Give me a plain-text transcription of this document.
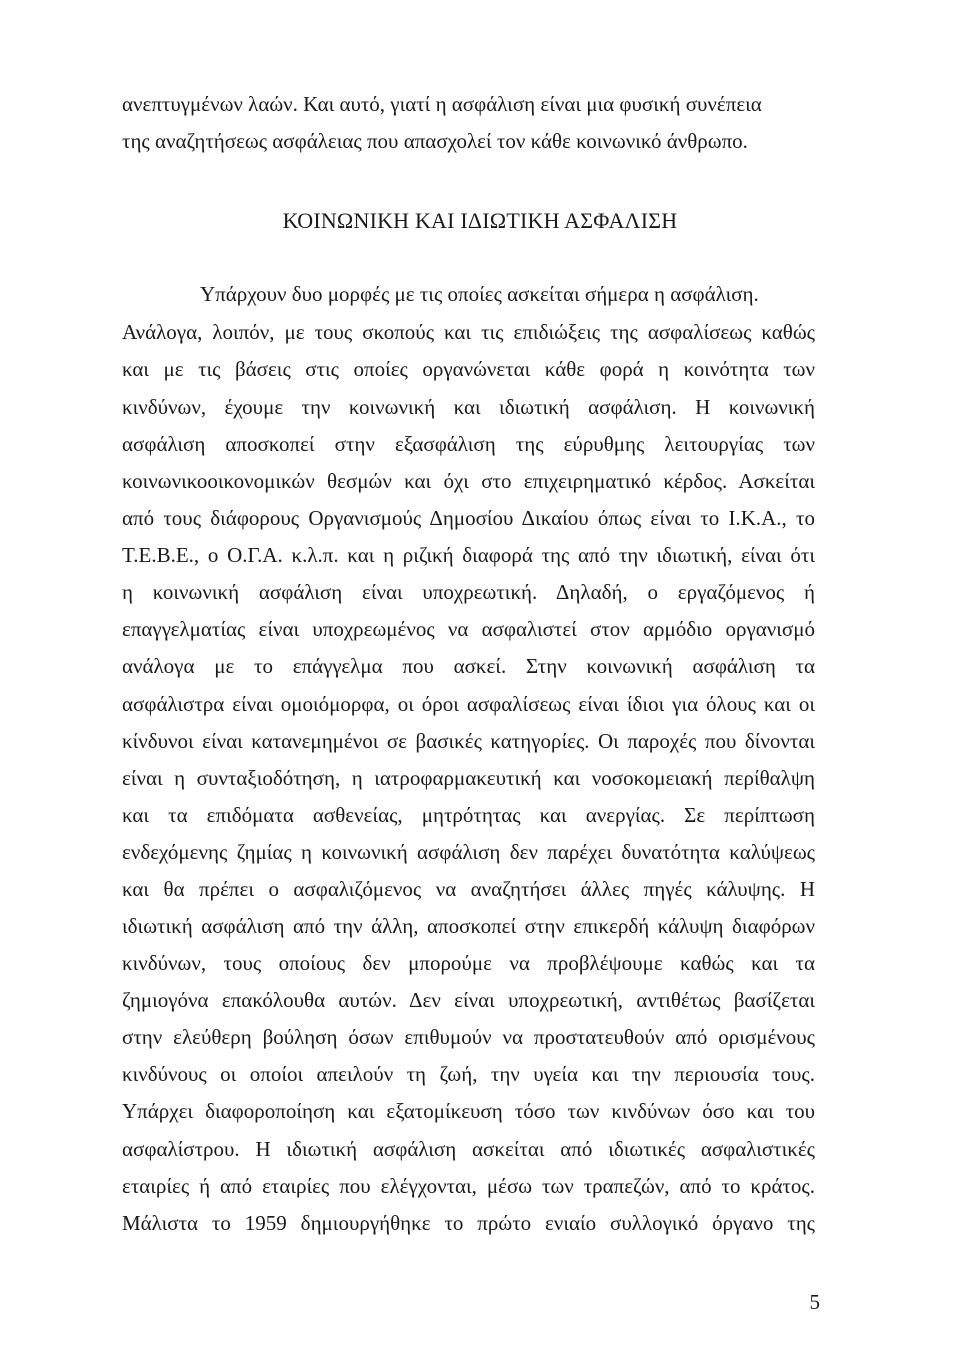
ανεπτυγμένων λαών. Και αυτό, γιατί η ασφάλιση είναι μια φυσική συνέπεια
της αναζητήσεως ασφάλειας που απασχολεί τον κάθε κοινωνικό άνθρωπο.
ΚΟΙΝΩΝΙΚΗ ΚΑΙ ΙΔΙΩΤΙΚΗ ΑΣΦΑΛΙΣΗ
Υπάρχουν δυο μορφές με τις οποίες ασκείται σήμερα η ασφάλιση.
Ανάλογα, λοιπόν, με τους σκοπούς και τις επιδιώξεις της ασφαλίσεως καθώς
και με τις βάσεις στις οποίες οργανώνεται κάθε φορά η κοινότητα των
κινδύνων, έχουμε την κοινωνική και ιδιωτική ασφάλιση. Η κοινωνική
ασφάλιση αποσκοπεί στην εξασφάλιση της εύρυθμης λειτουργίας των
κοινωνικοοικονομικών θεσμών και όχι στο επιχειρηματικό κέρδος. Ασκείται
από τους διάφορους Οργανισμούς Δημοσίου Δικαίου όπως είναι το Ι.Κ.Α., το
Τ.Ε.Β.Ε., ο Ο.Γ.Α. κ.λ.π. και η ριζική διαφορά της από την ιδιωτική, είναι ότι
η κοινωνική ασφάλιση είναι υποχρεωτική. Δηλαδή, ο εργαζόμενος ή
επαγγελματίας είναι υποχρεωμένος να ασφαλιστεί στον αρμόδιο οργανισμό
ανάλογα με το επάγγελμα που ασκεί. Στην κοινωνική ασφάλιση τα
ασφάλιστρα είναι ομοιόμορφα, οι όροι ασφαλίσεως είναι ίδιοι για όλους και οι
κίνδυνοι είναι κατανεμημένοι σε βασικές κατηγορίες. Οι παροχές που δίνονται
είναι η συνταξιοδότηση, η ιατροφαρμακευτική και νοσοκομειακή περίθαλψη
και τα επιδόματα ασθενείας, μητρότητας και ανεργίας. Σε περίπτωση
ενδεχόμενης ζημίας η κοινωνική ασφάλιση δεν παρέχει δυνατότητα καλύψεως
και θα πρέπει ο ασφαλιζόμενος να αναζητήσει άλλες πηγές κάλυψης. Η
ιδιωτική ασφάλιση από την άλλη, αποσκοπεί στην επικερδή κάλυψη διαφόρων
κινδύνων, τους οποίους δεν μπορούμε να προβλέψουμε καθώς και τα
ζημιογόνα επακόλουθα αυτών. Δεν είναι υποχρεωτική, αντιθέτως βασίζεται
στην ελεύθερη βούληση όσων επιθυμούν να προστατευθούν από ορισμένους
κινδύνους οι οποίοι απειλούν τη ζωή, την υγεία και την περιουσία τους.
Υπάρχει διαφοροποίηση και εξατομίκευση τόσο των κινδύνων όσο και του
ασφαλίστρου. Η ιδιωτική ασφάλιση ασκείται από ιδιωτικές ασφαλιστικές
εταιρίες ή από εταιρίες που ελέγχονται, μέσω των τραπεζών, από το κράτος.
Μάλιστα το 1959 δημιουργήθηκε το πρώτο ενιαίο συλλογικό όργανο της
5
